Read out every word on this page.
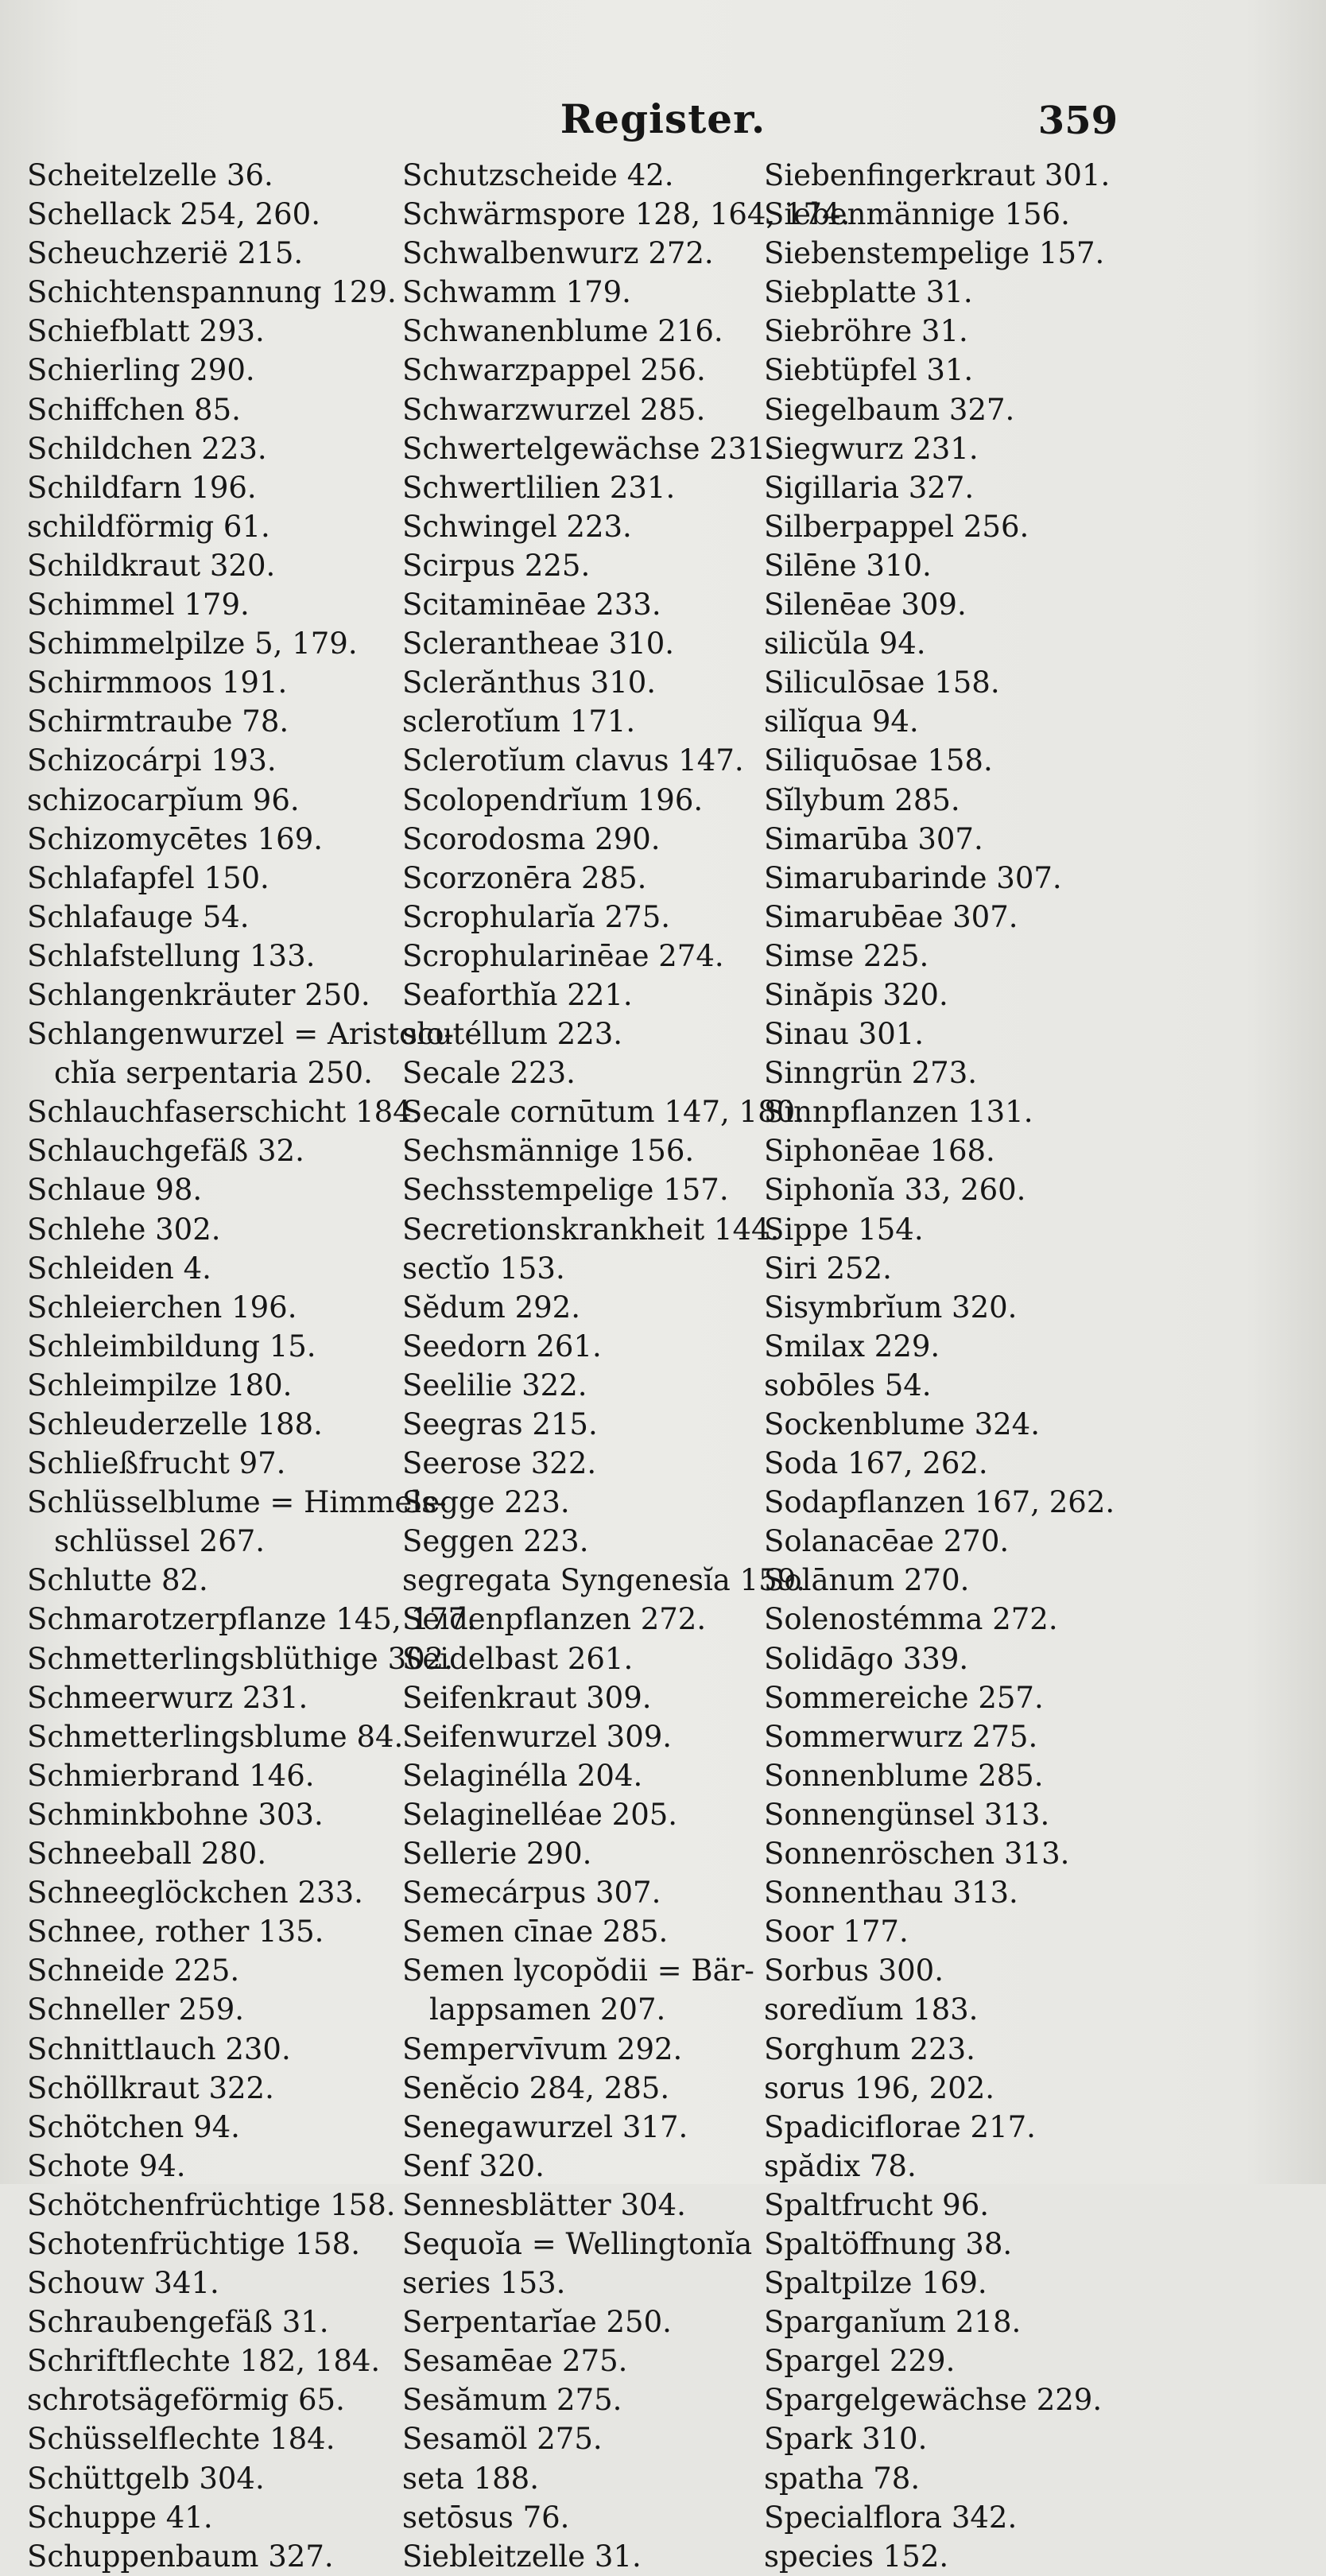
Register.	359
Scheitelzelle 36.
Schellack 254, 260.
Scheuchzerië 215.
Schichtenspannung 129.
Schiefblatt 293.
Schierling 290.
Schiffchen 85.
Schildchen 223.
Schildfarn 196.
schildförmig 61.
Schildkraut 320.
Schimmel 179.
Schimmelpilze 5, 179.
Schirmmoos 191.
Schirmtraube 78.
Schizocárpi 193.
schizocarpĭum 96.
Schizomycētes 169.
Schlafapfel 150.
Schlafauge 54.
Schlafstellung 133.
Schlangenkräuter 250.
Schlangenwurzel = Aristolo-
chĭa serpentaria 250.
Schlauchfaserschicht 184.
Schlauchgefäß 32.
Schlaue 98.
Schlehe 302.
Schleiden 4.
Schleierchen 196.
Schleimbildung 15.
Schleimpilze 180.
Schleuderzelle 188.
Schließfrucht 97.
Schlüsselblume = Himmels-
schlüssel 267.
Schlutte 82.
Schmarotzerpflanze 145, 177.
Schmetterlingsblüthige 302.
Schmeerwurz 231.
Schmetterlingsblume 84.
Schmierbrand 146.
Schminkbohne 303.
Schneeball 280.
Schneeglöckchen 233.
Schnee, rother 135.
Schneide 225.
Schneller 259.
Schnittlauch 230.
Schöllkraut 322.
Schötchen 94.
Schote 94.
Schötchenfrüchtige 158.
Schotenfrüchtige 158.
Schouw 341.
Schraubengefäß 31.
Schriftflechte 182, 184.
schrotsägeförmig 65.
Schüsselflechte 184.
Schüttgelb 304.
Schuppe 41.
Schuppenbaum 327.
Schutzscheide 42.
Schwärmspore 128, 164, 174.
Schwalbenwurz 272.
Schwamm 179.
Schwanenblume 216.
Schwarzpappel 256.
Schwarzwurzel 285.
Schwertelgewächse 231.
Schwertlilien 231.
Schwingel 223.
Scirpus 225.
Scitaminēae 233.
Sclerantheae 310.
Sclerănthus 310.
sclerotĭum 171.
Sclerotĭum clavus 147.
Scolopendrĭum 196.
Scorodosma 290.
Scorzonēra 285.
Scrophularĭa 275.
Scrophularinēae 274.
Seaforthĭa 221.
scutéllum 223.
Secale 223.
Secale cornūtum 147, 180.
Sechsmännige 156.
Sechsstempelige 157.
Secretionskrankheit 144.
sectĭo 153.
Sĕdum 292.
Seedorn 261.
Seelilie 322.
Seegras 215.
Seerose 322.
Segge 223.
Seggen 223.
segregata Syngenesĭa 159.
Seidenpflanzen 272.
Seidelbast 261.
Seifenkraut 309.
Seifenwurzel 309.
Selaginélla 204.
Selaginelléae 205.
Sellerie 290.
Semecárpus 307.
Semen cīnae 285.
Semen lycopŏdii = Bär-
lappsamen 207.
Sempervīvum 292.
Senĕcio 284, 285.
Senegawurzel 317.
Senf 320.
Sennesblätter 304.
Sequoĭa = Wellingtonĭa
series 153.
Serpentarĭae 250.
Sesamēae 275.
Sesămum 275.
Sesamöl 275.
seta 188.
setōsus 76.
Siebleitzelle 31.
Siebenfingerkraut 301.
Siebenmännige 156.
Siebenstempelige 157.
Siebplatte 31.
Siebröhre 31.
Siebtüpfel 31.
Siegelbaum 327.
Siegwurz 231.
Sigillaria 327.
Silberpappel 256.
Silēne 310.
Silenēae 309.
silicŭla 94.
Siliculōsae 158.
silĭqua 94.
Siliquōsae 158.
Sĭlybum 285.
Simarūba 307.
Simarubarinde 307.
Simarubēae 307.
Simse 225.
Sinăpis 320.
Sinau 301.
Sinngrün 273.
Sinnpflanzen 131.
Siphonēae 168.
Siphonĭa 33, 260.
Sippe 154.
Siri 252.
Sisymbrĭum 320.
Smilax 229.
sobōles 54.
Sockenblume 324.
Soda 167, 262.
Sodapflanzen 167, 262.
Solanacēae 270.
Solānum 270.
Solenostémma 272.
Solidāgo 339.
Sommereiche 257.
Sommerwurz 275.
Sonnenblume 285.
Sonnengünsel 313.
Sonnenröschen 313.
Sonnenthau 313.
Soor 177.
Sorbus 300.
soredĭum 183.
Sorghum 223.
sorus 196, 202.
Spadiciflorae 217.
spădix 78.
Spaltfrucht 96.
Spaltöffnung 38.
Spaltpilze 169.
Sparganĭum 218.
Spargel 229.
Spargelgewächse 229.
Spark 310.
spatha 78.
Specialflora 342.
species 152.
